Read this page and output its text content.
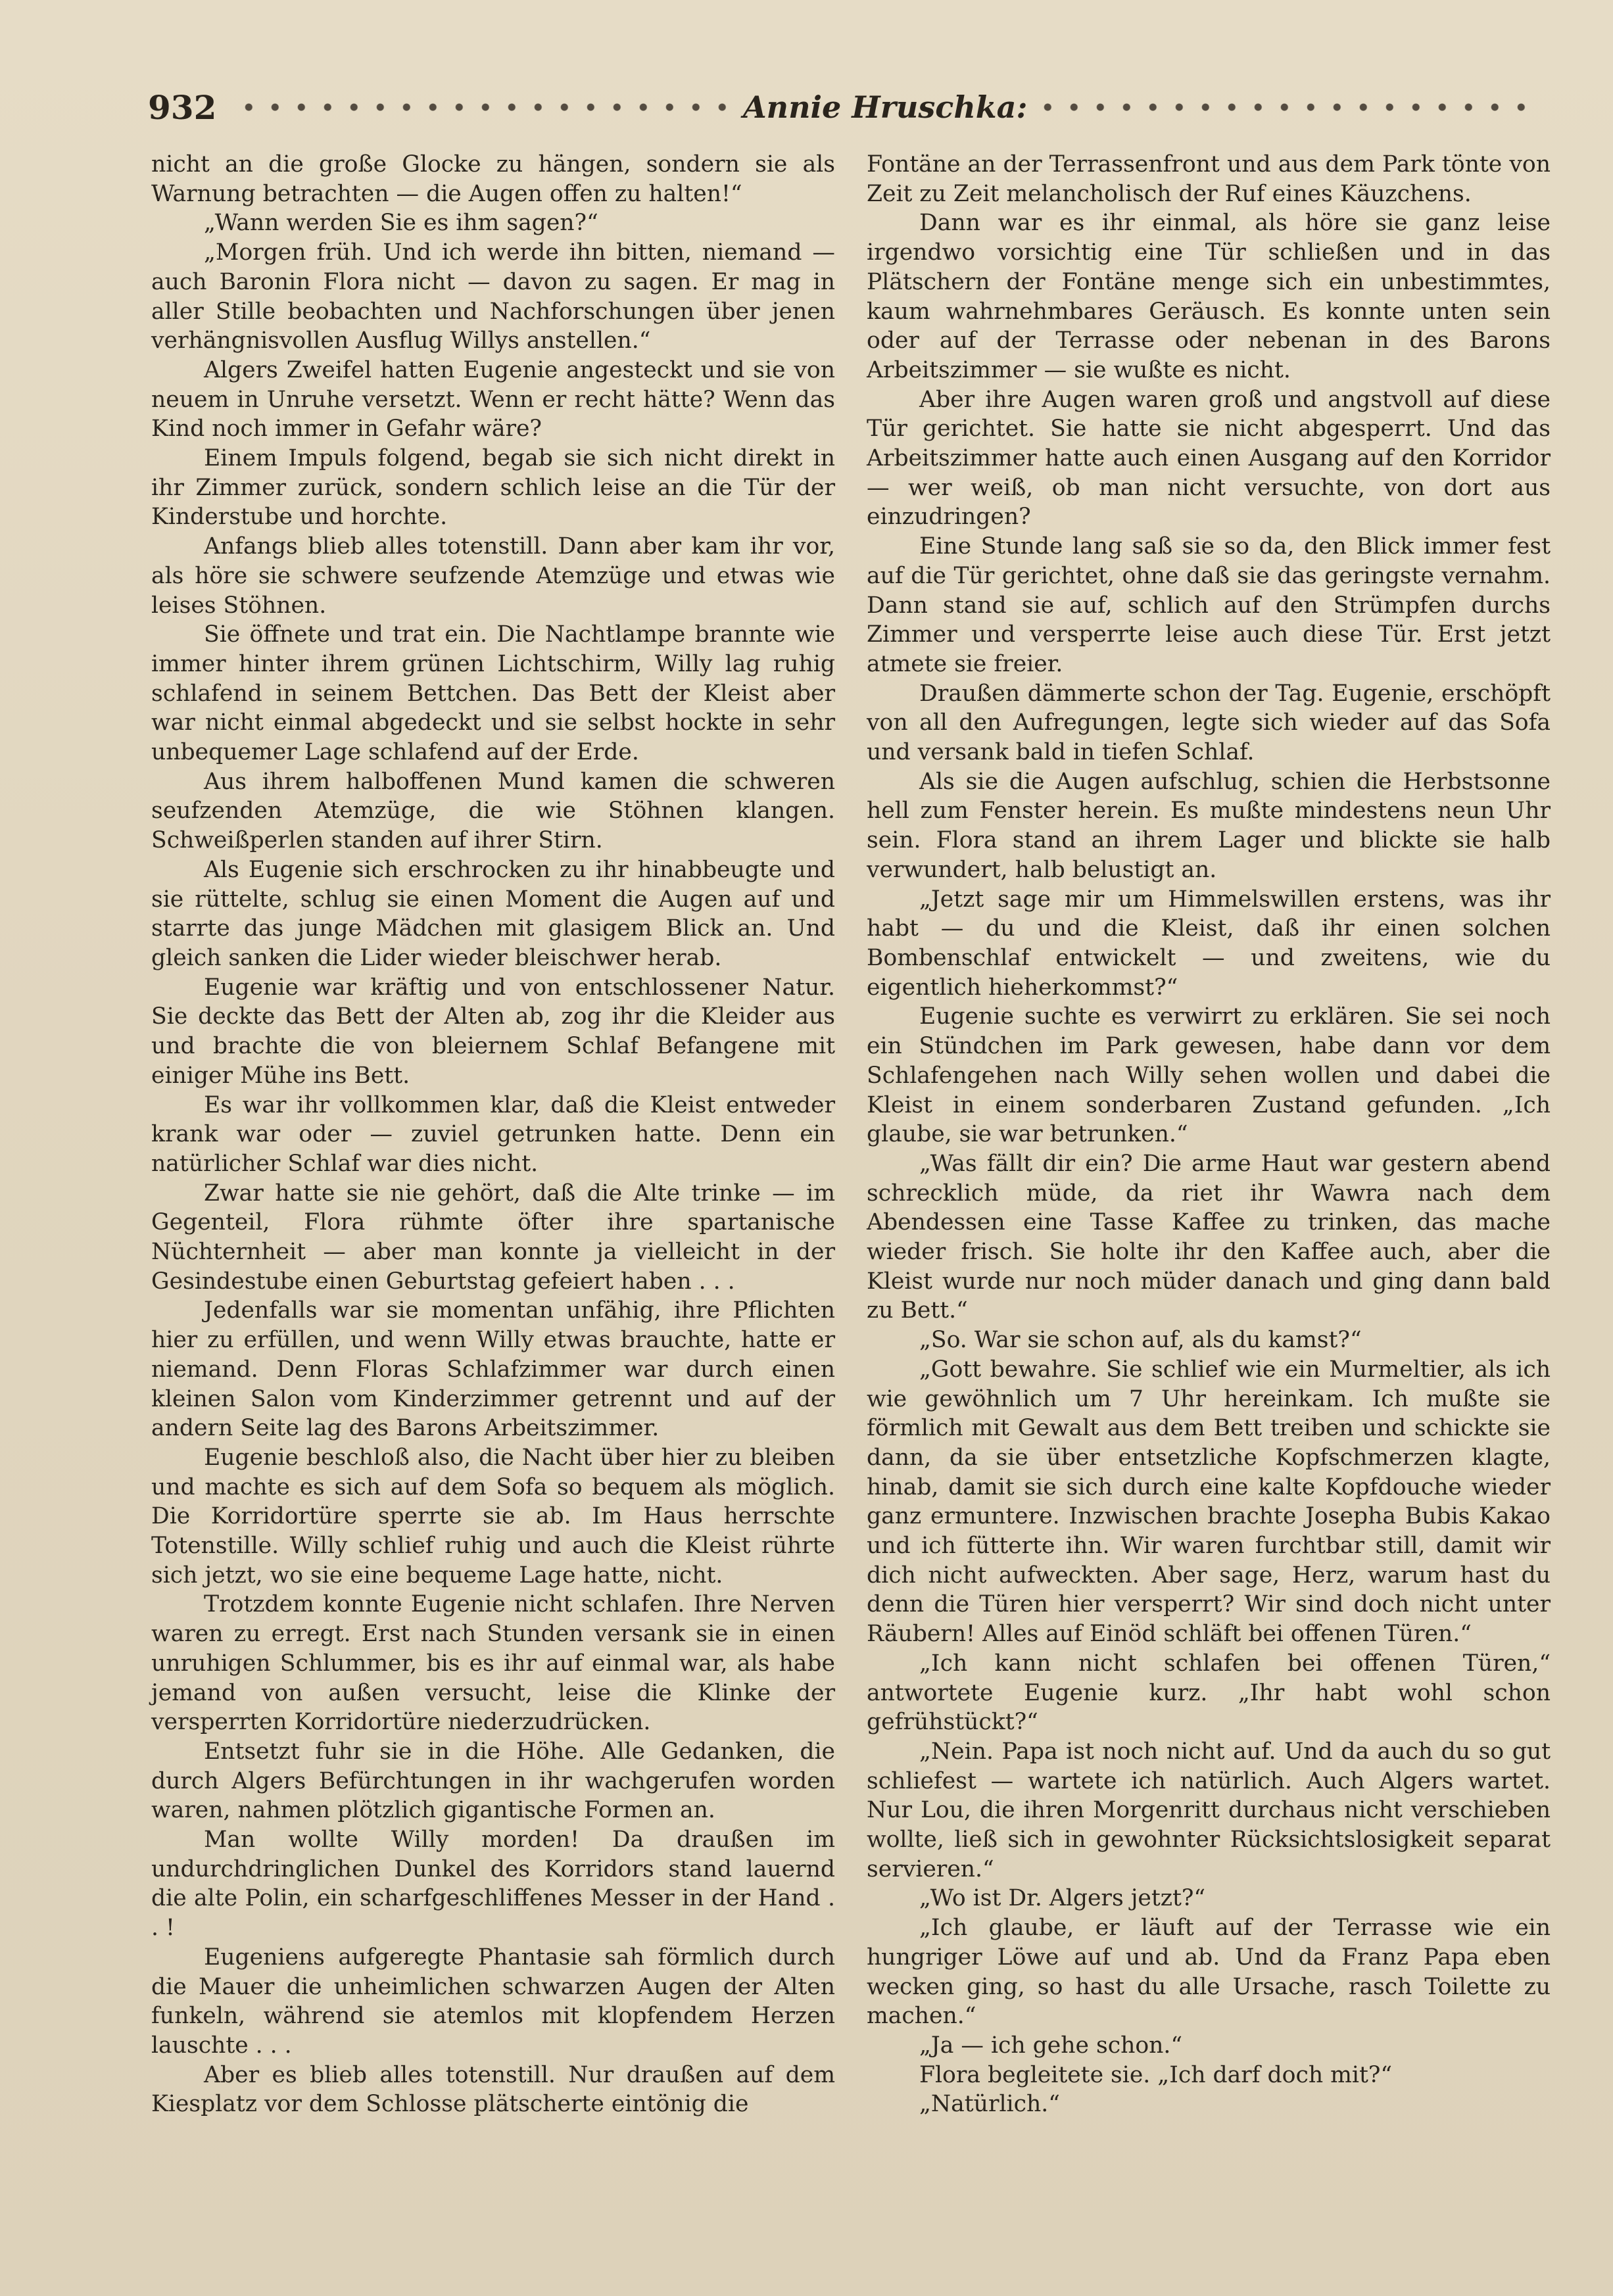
932	Annie Hruschka:

nicht an die große Glocke zu hängen, sondern sie als Warnung betrachten — die Augen offen zu halten!“

„Wann werden Sie es ihm sagen?“

„Morgen früh. Und ich werde ihn bitten, niemand — auch Baronin Flora nicht — davon zu sagen. Er mag in aller Stille beobachten und Nachforschungen über jenen verhängnisvollen Ausflug Willys anstellen.“

Algers Zweifel hatten Eugenie angesteckt und sie von neuem in Unruhe versetzt. Wenn er recht hätte? Wenn das Kind noch immer in Gefahr wäre?

Einem Impuls folgend, begab sie sich nicht direkt in ihr Zimmer zurück, sondern schlich leise an die Tür der Kinderstube und horchte.

Anfangs blieb alles totenstill. Dann aber kam ihr vor, als höre sie schwere seufzende Atemzüge und etwas wie leises Stöhnen.

Sie öffnete und trat ein. Die Nachtlampe brannte wie immer hinter ihrem grünen Lichtschirm, Willy lag ruhig schlafend in seinem Bettchen. Das Bett der Kleist aber war nicht einmal abgedeckt und sie selbst hockte in sehr unbequemer Lage schlafend auf der Erde.

Aus ihrem halboffenen Mund kamen die schweren seufzenden Atemzüge, die wie Stöhnen klangen. Schweißperlen standen auf ihrer Stirn.

Als Eugenie sich erschrocken zu ihr hinabbeugte und sie rüttelte, schlug sie einen Moment die Augen auf und starrte das junge Mädchen mit glasigem Blick an. Und gleich sanken die Lider wieder bleischwer herab.

Eugenie war kräftig und von entschlossener Natur. Sie deckte das Bett der Alten ab, zog ihr die Kleider aus und brachte die von bleiernem Schlaf Befangene mit einiger Mühe ins Bett.

Es war ihr vollkommen klar, daß die Kleist entweder krank war oder — zuviel getrunken hatte. Denn ein natürlicher Schlaf war dies nicht.

Zwar hatte sie nie gehört, daß die Alte trinke — im Gegenteil, Flora rühmte öfter ihre spartanische Nüchternheit — aber man konnte ja vielleicht in der Gesindestube einen Geburtstag gefeiert haben . . .

Jedenfalls war sie momentan unfähig, ihre Pflichten hier zu erfüllen, und wenn Willy etwas brauchte, hatte er niemand. Denn Floras Schlafzimmer war durch einen kleinen Salon vom Kinderzimmer getrennt und auf der andern Seite lag des Barons Arbeitszimmer.

Eugenie beschloß also, die Nacht über hier zu bleiben und machte es sich auf dem Sofa so bequem als möglich. Die Korridortüre sperrte sie ab. Im Haus herrschte Totenstille. Willy schlief ruhig und auch die Kleist rührte sich jetzt, wo sie eine bequeme Lage hatte, nicht.

Trotzdem konnte Eugenie nicht schlafen. Ihre Nerven waren zu erregt. Erst nach Stunden versank sie in einen unruhigen Schlummer, bis es ihr auf einmal war, als habe jemand von außen versucht, leise die Klinke der versperrten Korridortüre niederzudrücken.

Entsetzt fuhr sie in die Höhe. Alle Gedanken, die durch Algers Befürchtungen in ihr wachgerufen worden waren, nahmen plötzlich gigantische Formen an.

Man wollte Willy morden! Da draußen im undurchdringlichen Dunkel des Korridors stand lauernd die alte Polin, ein scharfgeschliffenes Messer in der Hand . . !

Eugeniens aufgeregte Phantasie sah förmlich durch die Mauer die unheimlichen schwarzen Augen der Alten funkeln, während sie atemlos mit klopfendem Herzen lauschte . . .

Aber es blieb alles totenstill. Nur draußen auf dem Kiesplatz vor dem Schlosse plätscherte eintönig die

Fontäne an der Terrassenfront und aus dem Park tönte von Zeit zu Zeit melancholisch der Ruf eines Käuzchens.

Dann war es ihr einmal, als höre sie ganz leise irgendwo vorsichtig eine Tür schließen und in das Plätschern der Fontäne menge sich ein unbestimmtes, kaum wahrnehmbares Geräusch. Es konnte unten sein oder auf der Terrasse oder nebenan in des Barons Arbeitszimmer — sie wußte es nicht.

Aber ihre Augen waren groß und angstvoll auf diese Tür gerichtet. Sie hatte sie nicht abgesperrt. Und das Arbeitszimmer hatte auch einen Ausgang auf den Korridor — wer weiß, ob man nicht versuchte, von dort aus einzudringen?

Eine Stunde lang saß sie so da, den Blick immer fest auf die Tür gerichtet, ohne daß sie das geringste vernahm. Dann stand sie auf, schlich auf den Strümpfen durchs Zimmer und versperrte leise auch diese Tür. Erst jetzt atmete sie freier.

Draußen dämmerte schon der Tag. Eugenie, erschöpft von all den Aufregungen, legte sich wieder auf das Sofa und versank bald in tiefen Schlaf.

Als sie die Augen aufschlug, schien die Herbstsonne hell zum Fenster herein. Es mußte mindestens neun Uhr sein. Flora stand an ihrem Lager und blickte sie halb verwundert, halb belustigt an.

„Jetzt sage mir um Himmelswillen erstens, was ihr habt — du und die Kleist, daß ihr einen solchen Bombenschlaf entwickelt — und zweitens, wie du eigentlich hieherkommst?“

Eugenie suchte es verwirrt zu erklären. Sie sei noch ein Stündchen im Park gewesen, habe dann vor dem Schlafengehen nach Willy sehen wollen und dabei die Kleist in einem sonderbaren Zustand gefunden. „Ich glaube, sie war betrunken.“

„Was fällt dir ein? Die arme Haut war gestern abend schrecklich müde, da riet ihr Wawra nach dem Abendessen eine Tasse Kaffee zu trinken, das mache wieder frisch. Sie holte ihr den Kaffee auch, aber die Kleist wurde nur noch müder danach und ging dann bald zu Bett.“

„So. War sie schon auf, als du kamst?“

„Gott bewahre. Sie schlief wie ein Murmeltier, als ich wie gewöhnlich um 7 Uhr hereinkam. Ich mußte sie förmlich mit Gewalt aus dem Bett treiben und schickte sie dann, da sie über entsetzliche Kopfschmerzen klagte, hinab, damit sie sich durch eine kalte Kopfdouche wieder ganz ermuntere. Inzwischen brachte Josepha Bubis Kakao und ich fütterte ihn. Wir waren furchtbar still, damit wir dich nicht aufweckten. Aber sage, Herz, warum hast du denn die Türen hier versperrt? Wir sind doch nicht unter Räubern! Alles auf Einöd schläft bei offenen Türen.“

„Ich kann nicht schlafen bei offenen Türen,“ antwortete Eugenie kurz. „Ihr habt wohl schon gefrühstückt?“

„Nein. Papa ist noch nicht auf. Und da auch du so gut schliefest — wartete ich natürlich. Auch Algers wartet. Nur Lou, die ihren Morgenritt durchaus nicht verschieben wollte, ließ sich in gewohnter Rücksichtslosigkeit separat servieren.“

„Wo ist Dr. Algers jetzt?“

„Ich glaube, er läuft auf der Terrasse wie ein hungriger Löwe auf und ab. Und da Franz Papa eben wecken ging, so hast du alle Ursache, rasch Toilette zu machen.“

„Ja — ich gehe schon.“

Flora begleitete sie. „Ich darf doch mit?“

„Natürlich.“
